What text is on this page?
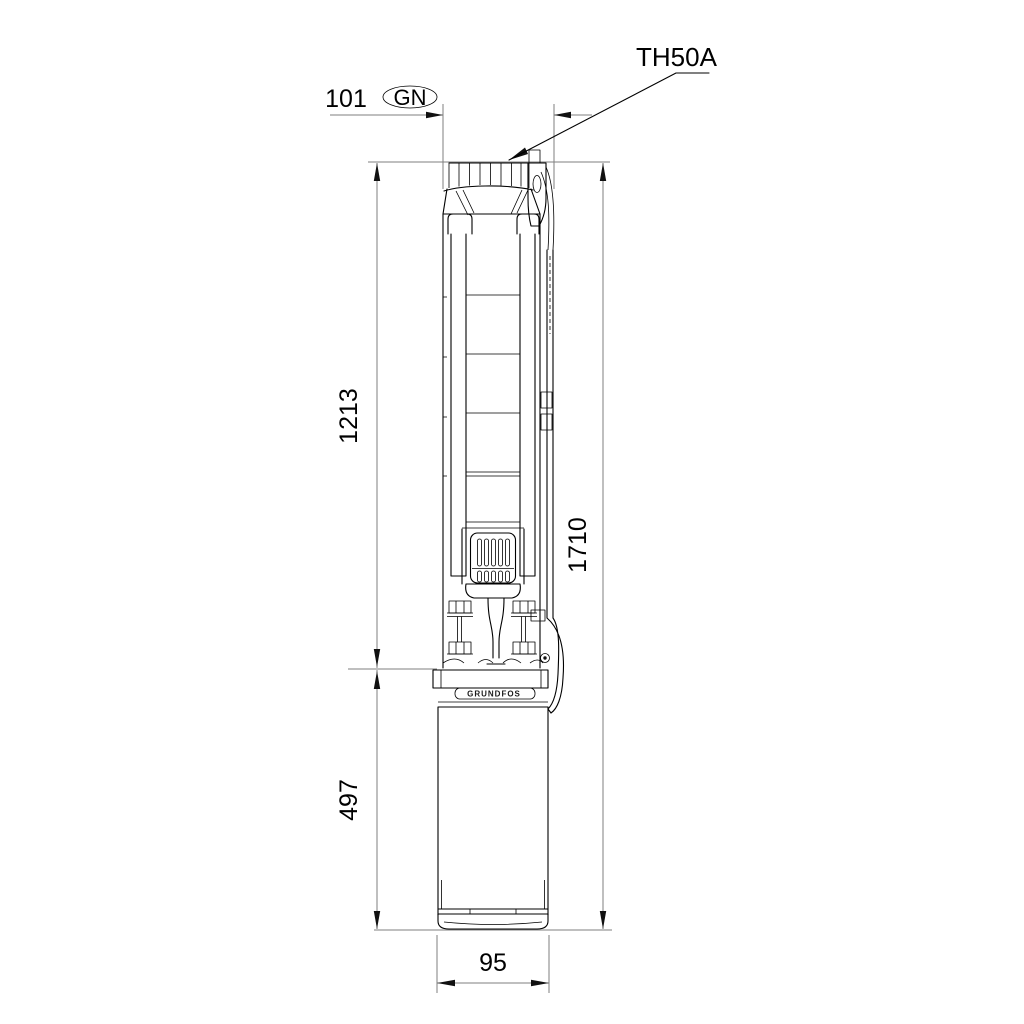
101 GN
TH50A
1213
1710
497
95
GRUNDFOS
